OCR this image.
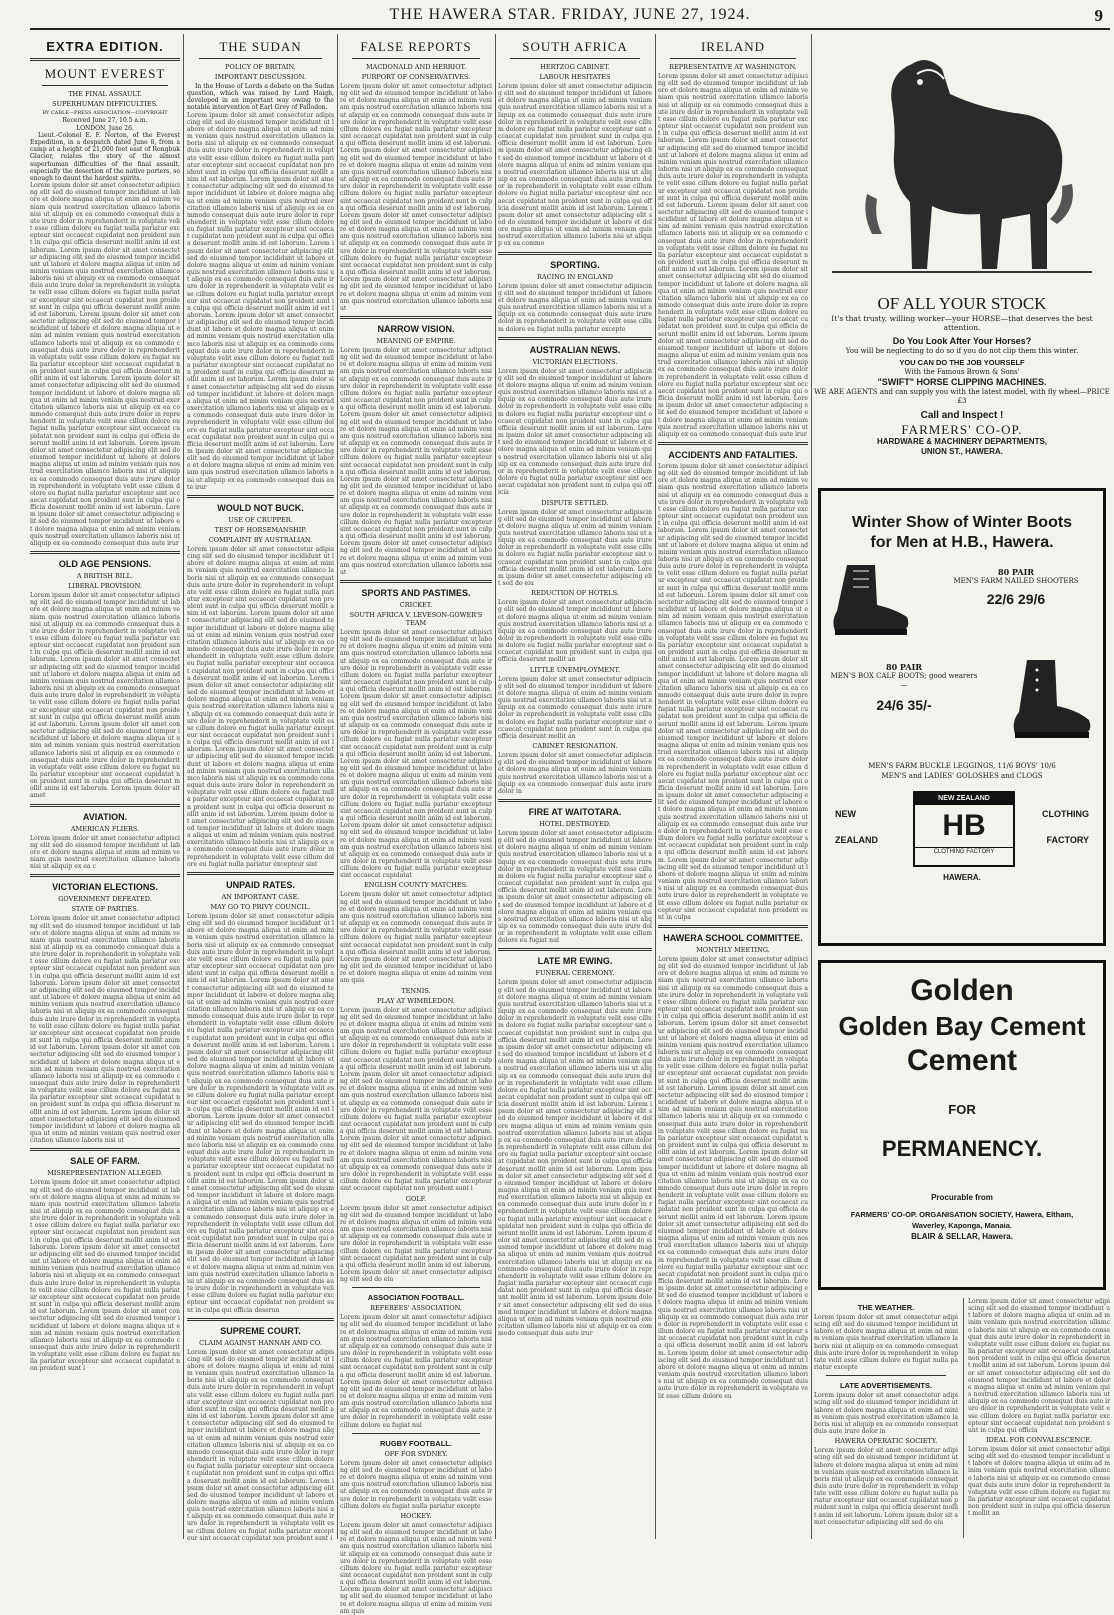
THE HAWERA STAR. FRIDAY, JUNE 27, 1924.	9
EXTRA EDITION.
MOUNT EVEREST
THE FINAL ASSAULT.
SUPERHUMAN DIFFICULTIES.
BY CABLE—PRESS ASSOCIATION—COPYRIGHT
Received June 27, 10.5 a.m.
LONDON, June 26.

Lieut.-Colonel E. F. Norton, of the Everest Expedition, in a despatch dated June 8, from a camp at a height of 21,000 feet east of Rongbuk Glacier, relates the story of the almost superhuman difficulties of the final assault, especially the desertion of the native porters, so enough to daunt the hardest spirits.

Lorem ipsum dolor sit amet consectetur adipiscing elit sed do eiusmod tempor incididunt ut labore et dolore magna aliqua ut enim ad minim veniam quis nostrud exercitation ullamco laboris nisi ut aliquip ex ea commodo consequat duis aute irure dolor in reprehenderit in voluptate velit esse cillum dolore eu fugiat nulla pariatur excepteur sint occaecat cupidatat non proident sunt in culpa qui officia deserunt mollit anim id est laborum. Lorem ipsum dolor sit amet consectetur adipiscing elit sed do eiusmod tempor incididunt ut labore et dolore magna aliqua ut enim ad minim veniam quis nostrud exercitation ullamco laboris nisi ut aliquip ex ea commodo consequat duis aute irure dolor in reprehenderit in voluptate velit esse cillum dolore eu fugiat nulla pariatur excepteur sint occaecat cupidatat non proident sunt in culpa qui officia deserunt mollit anim id est laborum. Lorem ipsum dolor sit amet consectetur adipiscing elit sed do eiusmod tempor incididunt ut labore et dolore magna aliqua ut enim ad minim veniam quis nostrud exercitation ullamco laboris nisi ut aliquip ex ea commodo consequat duis aute irure dolor in reprehenderit in voluptate velit esse cillum dolore eu fugiat nulla pariatur excepteur sint occaecat cupidatat non proident sunt in culpa qui officia deserunt mollit anim id est laborum. Lorem ipsum dolor sit amet consectetur adipiscing elit sed do eiusmod tempor incididunt ut labore et dolore magna aliqua ut enim ad minim veniam quis nostrud exercitation ullamco laboris nisi ut aliquip ex ea commodo consequat duis aute irure dolor in reprehenderit in voluptate velit esse cillum dolore eu fugiat nulla pariatur excepteur sint occaecat cupidatat non proident sunt in culpa qui officia deserunt mollit anim id est laborum. Lorem ipsum dolor sit amet consectetur adipiscing elit sed do eiusmod tempor incididunt ut labore et dolore magna aliqua ut enim ad minim veniam quis nostrud exercitation ullamco laboris nisi ut aliquip ex ea commodo consequat duis aute irure dolor in reprehenderit in voluptate velit esse cillum dolore eu fugiat nulla pariatur excepteur sint occaecat cupidatat non proident sunt in culpa qui officia deserunt mollit anim id est laborum. Lorem ipsum dolor sit amet consectetur adipiscing elit sed do eiusmod tempor incididunt ut labore et dolore magna aliqua ut enim ad minim veniam quis nostrud exercitation ullamco laboris nisi ut aliquip ex ea commodo consequat duis aute irur

OLD AGE PENSIONS.
A BRITISH BILL.
LIBERAL PROVISION.

Lorem ipsum dolor sit amet consectetur adipiscing elit sed do eiusmod tempor incididunt ut labore et dolore magna aliqua ut enim ad minim veniam quis nostrud exercitation ullamco laboris nisi ut aliquip ex ea commodo consequat duis aute irure dolor in reprehenderit in voluptate velit esse cillum dolore eu fugiat nulla pariatur excepteur sint occaecat cupidatat non proident sunt in culpa qui officia deserunt mollit anim id est laborum. Lorem ipsum dolor sit amet consectetur adipiscing elit sed do eiusmod tempor incididunt ut labore et dolore magna aliqua ut enim ad minim veniam quis nostrud exercitation ullamco laboris nisi ut aliquip ex ea commodo consequat duis aute irure dolor in reprehenderit in voluptate velit esse cillum dolore eu fugiat nulla pariatur excepteur sint occaecat cupidatat non proident sunt in culpa qui officia deserunt mollit anim id est laborum. Lorem ipsum dolor sit amet consectetur adipiscing elit sed do eiusmod tempor incididunt ut labore et dolore magna aliqua ut enim ad minim veniam quis nostrud exercitation ullamco laboris nisi ut aliquip ex ea commodo consequat duis aute irure dolor in reprehenderit in voluptate velit esse cillum dolore eu fugiat nulla pariatur excepteur sint occaecat cupidatat non proident sunt in culpa qui officia deserunt mollit anim id est laborum. Lorem ipsum dolor sit amet

AVIATION.
AMERICAN FLIERS.

Lorem ipsum dolor sit amet consectetur adipiscing elit sed do eiusmod tempor incididunt ut labore et dolore magna aliqua ut enim ad minim veniam quis nostrud exercitation ullamco laboris nisi ut aliquip ex ea c

VICTORIAN ELECTIONS.
GOVERNMENT DEFEATED.
STATE OF PARTIES.

Lorem ipsum dolor sit amet consectetur adipiscing elit sed do eiusmod tempor incididunt ut labore et dolore magna aliqua ut enim ad minim veniam quis nostrud exercitation ullamco laboris nisi ut aliquip ex ea commodo consequat duis aute irure dolor in reprehenderit in voluptate velit esse cillum dolore eu fugiat nulla pariatur excepteur sint occaecat cupidatat non proident sunt in culpa qui officia deserunt mollit anim id est laborum. Lorem ipsum dolor sit amet consectetur adipiscing elit sed do eiusmod tempor incididunt ut labore et dolore magna aliqua ut enim ad minim veniam quis nostrud exercitation ullamco laboris nisi ut aliquip ex ea commodo consequat duis aute irure dolor in reprehenderit in voluptate velit esse cillum dolore eu fugiat nulla pariatur excepteur sint occaecat cupidatat non proident sunt in culpa qui officia deserunt mollit anim id est laborum. Lorem ipsum dolor sit amet consectetur adipiscing elit sed do eiusmod tempor incididunt ut labore et dolore magna aliqua ut enim ad minim veniam quis nostrud exercitation ullamco laboris nisi ut aliquip ex ea commodo consequat duis aute irure dolor in reprehenderit in voluptate velit esse cillum dolore eu fugiat nulla pariatur excepteur sint occaecat cupidatat non proident sunt in culpa qui officia deserunt mollit anim id est laborum. Lorem ipsum dolor sit amet consectetur adipiscing elit sed do eiusmod tempor incididunt ut labore et dolore magna aliqua ut enim ad minim veniam quis nostrud exercitation ullamco laboris nisi ut

SALE OF FARM.
MISREPRESENTATION ALLEGED.

Lorem ipsum dolor sit amet consectetur adipiscing elit sed do eiusmod tempor incididunt ut labore et dolore magna aliqua ut enim ad minim veniam quis nostrud exercitation ullamco laboris nisi ut aliquip ex ea commodo consequat duis aute irure dolor in reprehenderit in voluptate velit esse cillum dolore eu fugiat nulla pariatur excepteur sint occaecat cupidatat non proident sunt in culpa qui officia deserunt mollit anim id est laborum. Lorem ipsum dolor sit amet consectetur adipiscing elit sed do eiusmod tempor incididunt ut labore et dolore magna aliqua ut enim ad minim veniam quis nostrud exercitation ullamco laboris nisi ut aliquip ex ea commodo consequat duis aute irure dolor in reprehenderit in voluptate velit esse cillum dolore eu fugiat nulla pariatur excepteur sint occaecat cupidatat non proident sunt in culpa qui officia deserunt mollit anim id est laborum. Lorem ipsum dolor sit amet consectetur adipiscing elit sed do eiusmod tempor incididunt ut labore et dolore magna aliqua ut enim ad minim veniam quis nostrud exercitation ullamco laboris nisi ut aliquip ex ea commodo consequat duis aute irure dolor in reprehenderit in voluptate velit esse cillum dolore eu fugiat nulla pariatur excepteur sint occaecat cupidatat non proident sunt i

THE SUDAN
POLICY OF BRITAIN.
IMPORTANT DISCUSSION.

In the House of Lords a debate on the Sudan question, which was raised by Lord Haigh, developed in an important way owing to the notable intervention of Earl Grey of Fallodon.

Lorem ipsum dolor sit amet consectetur adipiscing elit sed do eiusmod tempor incididunt ut labore et dolore magna aliqua ut enim ad minim veniam quis nostrud exercitation ullamco laboris nisi ut aliquip ex ea commodo consequat duis aute irure dolor in reprehenderit in voluptate velit esse cillum dolore eu fugiat nulla pariatur excepteur sint occaecat cupidatat non proident sunt in culpa qui officia deserunt mollit anim id est laborum. Lorem ipsum dolor sit amet consectetur adipiscing elit sed do eiusmod tempor incididunt ut labore et dolore magna aliqua ut enim ad minim veniam quis nostrud exercitation ullamco laboris nisi ut aliquip ex ea commodo consequat duis aute irure dolor in reprehenderit in voluptate velit esse cillum dolore eu fugiat nulla pariatur excepteur sint occaecat cupidatat non proident sunt in culpa qui officia deserunt mollit anim id est laborum. Lorem ipsum dolor sit amet consectetur adipiscing elit sed do eiusmod tempor incididunt ut labore et dolore magna aliqua ut enim ad minim veniam quis nostrud exercitation ullamco laboris nisi ut aliquip ex ea commodo consequat duis aute irure dolor in reprehenderit in voluptate velit esse cillum dolore eu fugiat nulla pariatur excepteur sint occaecat cupidatat non proident sunt in culpa qui officia deserunt mollit anim id est laborum. Lorem ipsum dolor sit amet consectetur adipiscing elit sed do eiusmod tempor incididunt ut labore et dolore magna aliqua ut enim ad minim veniam quis nostrud exercitation ullamco laboris nisi ut aliquip ex ea commodo consequat duis aute irure dolor in reprehenderit in voluptate velit esse cillum dolore eu fugiat nulla pariatur excepteur sint occaecat cupidatat non proident sunt in culpa qui officia deserunt mollit anim id est laborum. Lorem ipsum dolor sit amet consectetur adipiscing elit sed do eiusmod tempor incididunt ut labore et dolore magna aliqua ut enim ad minim veniam quis nostrud exercitation ullamco laboris nisi ut aliquip ex ea commodo consequat duis aute irure dolor in reprehenderit in voluptate velit esse cillum dolore eu fugiat nulla pariatur excepteur sint occaecat cupidatat non proident sunt in culpa qui officia deserunt mollit anim id est laborum. Lorem ipsum dolor sit amet consectetur adipiscing elit sed do eiusmod tempor incididunt ut labore et dolore magna aliqua ut enim ad minim veniam quis nostrud exercitation ullamco laboris nisi ut aliquip ex ea commodo consequat duis aute irur

WOULD NOT BUCK.
USE OF CRUPPER.
TEST OF HORSEMANSHIP.
COMPLAINT BY AUSTRALIAN.

Lorem ipsum dolor sit amet consectetur adipiscing elit sed do eiusmod tempor incididunt ut labore et dolore magna aliqua ut enim ad minim veniam quis nostrud exercitation ullamco laboris nisi ut aliquip ex ea commodo consequat duis aute irure dolor in reprehenderit in voluptate velit esse cillum dolore eu fugiat nulla pariatur excepteur sint occaecat cupidatat non proident sunt in culpa qui officia deserunt mollit anim id est laborum. Lorem ipsum dolor sit amet consectetur adipiscing elit sed do eiusmod tempor incididunt ut labore et dolore magna aliqua ut enim ad minim veniam quis nostrud exercitation ullamco laboris nisi ut aliquip ex ea commodo consequat duis aute irure dolor in reprehenderit in voluptate velit esse cillum dolore eu fugiat nulla pariatur excepteur sint occaecat cupidatat non proident sunt in culpa qui officia deserunt mollit anim id est laborum. Lorem ipsum dolor sit amet consectetur adipiscing elit sed do eiusmod tempor incididunt ut labore et dolore magna aliqua ut enim ad minim veniam quis nostrud exercitation ullamco laboris nisi ut aliquip ex ea commodo consequat duis aute irure dolor in reprehenderit in voluptate velit esse cillum dolore eu fugiat nulla pariatur excepteur sint occaecat cupidatat non proident sunt in culpa qui officia deserunt mollit anim id est laborum. Lorem ipsum dolor sit amet consectetur adipiscing elit sed do eiusmod tempor incididunt ut labore et dolore magna aliqua ut enim ad minim veniam quis nostrud exercitation ullamco laboris nisi ut aliquip ex ea commodo consequat duis aute irure dolor in reprehenderit in voluptate velit esse cillum dolore eu fugiat nulla pariatur excepteur sint occaecat cupidatat non proident sunt in culpa qui officia deserunt mollit anim id est laborum. Lorem ipsum dolor sit amet consectetur adipiscing elit sed do eiusmod tempor incididunt ut labore et dolore magna aliqua ut enim ad minim veniam quis nostrud exercitation ullamco laboris nisi ut aliquip ex ea commodo consequat duis aute irure dolor in reprehenderit in voluptate velit esse cillum dolore eu fugiat nulla pariatur excepteur sint

UNPAID RATES.
AN IMPORTANT CASE.
MAY GO TO PRIVY COUNCIL.

Lorem ipsum dolor sit amet consectetur adipiscing elit sed do eiusmod tempor incididunt ut labore et dolore magna aliqua ut enim ad minim veniam quis nostrud exercitation ullamco laboris nisi ut aliquip ex ea commodo consequat duis aute irure dolor in reprehenderit in voluptate velit esse cillum dolore eu fugiat nulla pariatur excepteur sint occaecat cupidatat non proident sunt in culpa qui officia deserunt mollit anim id est laborum. Lorem ipsum dolor sit amet consectetur adipiscing elit sed do eiusmod tempor incididunt ut labore et dolore magna aliqua ut enim ad minim veniam quis nostrud exercitation ullamco laboris nisi ut aliquip ex ea commodo consequat duis aute irure dolor in reprehenderit in voluptate velit esse cillum dolore eu fugiat nulla pariatur excepteur sint occaecat cupidatat non proident sunt in culpa qui officia deserunt mollit anim id est laborum. Lorem ipsum dolor sit amet consectetur adipiscing elit sed do eiusmod tempor incididunt ut labore et dolore magna aliqua ut enim ad minim veniam quis nostrud exercitation ullamco laboris nisi ut aliquip ex ea commodo consequat duis aute irure dolor in reprehenderit in voluptate velit esse cillum dolore eu fugiat nulla pariatur excepteur sint occaecat cupidatat non proident sunt in culpa qui officia deserunt mollit anim id est laborum. Lorem ipsum dolor sit amet consectetur adipiscing elit sed do eiusmod tempor incididunt ut labore et dolore magna aliqua ut enim ad minim veniam quis nostrud exercitation ullamco laboris nisi ut aliquip ex ea commodo consequat duis aute irure dolor in reprehenderit in voluptate velit esse cillum dolore eu fugiat nulla pariatur excepteur sint occaecat cupidatat non proident sunt in culpa qui officia deserunt mollit anim id est laborum. Lorem ipsum dolor sit amet consectetur adipiscing elit sed do eiusmod tempor incididunt ut labore et dolore magna aliqua ut enim ad minim veniam quis nostrud exercitation ullamco laboris nisi ut aliquip ex ea commodo consequat duis aute irure dolor in reprehenderit in voluptate velit esse cillum dolore eu fugiat nulla pariatur excepteur sint occaecat cupidatat non proident sunt in culpa qui officia deserunt mollit anim id est laborum. Lorem ipsum dolor sit amet consectetur adipiscing elit sed do eiusmod tempor incididunt ut labore et dolore magna aliqua ut enim ad minim veniam quis nostrud exercitation ullamco laboris nisi ut aliquip ex ea commodo consequat duis aute irure dolor in reprehenderit in voluptate velit esse cillum dolore eu fugiat nulla pariatur excepteur sint occaecat cupidatat non proident sunt in culpa qui officia deserun

SUPREME COURT.
CLAIM AGAINST HANNAH AND CO.

Lorem ipsum dolor sit amet consectetur adipiscing elit sed do eiusmod tempor incididunt ut labore et dolore magna aliqua ut enim ad minim veniam quis nostrud exercitation ullamco laboris nisi ut aliquip ex ea commodo consequat duis aute irure dolor in reprehenderit in voluptate velit esse cillum dolore eu fugiat nulla pariatur excepteur sint occaecat cupidatat non proident sunt in culpa qui officia deserunt mollit anim id est laborum. Lorem ipsum dolor sit amet consectetur adipiscing elit sed do eiusmod tempor incididunt ut labore et dolore magna aliqua ut enim ad minim veniam quis nostrud exercitation ullamco laboris nisi ut aliquip ex ea commodo consequat duis aute irure dolor in reprehenderit in voluptate velit esse cillum dolore eu fugiat nulla pariatur excepteur sint occaecat cupidatat non proident sunt in culpa qui officia deserunt mollit anim id est laborum. Lorem ipsum dolor sit amet consectetur adipiscing elit sed do eiusmod tempor incididunt ut labore et dolore magna aliqua ut enim ad minim veniam quis nostrud exercitation ullamco laboris nisi ut aliquip ex ea commodo consequat duis aute irure dolor in reprehenderit in voluptate velit esse cillum dolore eu fugiat nulla pariatur excepteur sint occaecat cupidatat non proident sunt i

FALSE REPORTS
MACDONALD AND HERRIOT.
PURPORT OF CONSERVATIVES.

Lorem ipsum dolor sit amet consectetur adipiscing elit sed do eiusmod tempor incididunt ut labore et dolore magna aliqua ut enim ad minim veniam quis nostrud exercitation ullamco laboris nisi ut aliquip ex ea commodo consequat duis aute irure dolor in reprehenderit in voluptate velit esse cillum dolore eu fugiat nulla pariatur excepteur sint occaecat cupidatat non proident sunt in culpa qui officia deserunt mollit anim id est laborum. Lorem ipsum dolor sit amet consectetur adipiscing elit sed do eiusmod tempor incididunt ut labore et dolore magna aliqua ut enim ad minim veniam quis nostrud exercitation ullamco laboris nisi ut aliquip ex ea commodo consequat duis aute irure dolor in reprehenderit in voluptate velit esse cillum dolore eu fugiat nulla pariatur excepteur sint occaecat cupidatat non proident sunt in culpa qui officia deserunt mollit anim id est laborum. Lorem ipsum dolor sit amet consectetur adipiscing elit sed do eiusmod tempor incididunt ut labore et dolore magna aliqua ut enim ad minim veniam quis nostrud exercitation ullamco laboris nisi ut aliquip ex ea commodo consequat duis aute irure dolor in reprehenderit in voluptate velit esse cillum dolore eu fugiat nulla pariatur excepteur sint occaecat cupidatat non proident sunt in culpa qui officia deserunt mollit anim id est laborum. Lorem ipsum dolor sit amet consectetur adipiscing elit sed do eiusmod tempor incididunt ut labore et dolore magna aliqua ut enim ad minim veniam quis nostrud exercitation ullamco laboris nisi ut

NARROW VISION.
MEANING OF EMPIRE.

Lorem ipsum dolor sit amet consectetur adipiscing elit sed do eiusmod tempor incididunt ut labore et dolore magna aliqua ut enim ad minim veniam quis nostrud exercitation ullamco laboris nisi ut aliquip ex ea commodo consequat duis aute irure dolor in reprehenderit in voluptate velit esse cillum dolore eu fugiat nulla pariatur excepteur sint occaecat cupidatat non proident sunt in culpa qui officia deserunt mollit anim id est laborum. Lorem ipsum dolor sit amet consectetur adipiscing elit sed do eiusmod tempor incididunt ut labore et dolore magna aliqua ut enim ad minim veniam quis nostrud exercitation ullamco laboris nisi ut aliquip ex ea commodo consequat duis aute irure dolor in reprehenderit in voluptate velit esse cillum dolore eu fugiat nulla pariatur excepteur sint occaecat cupidatat non proident sunt in culpa qui officia deserunt mollit anim id est laborum. Lorem ipsum dolor sit amet consectetur adipiscing elit sed do eiusmod tempor incididunt ut labore et dolore magna aliqua ut enim ad minim veniam quis nostrud exercitation ullamco laboris nisi ut aliquip ex ea commodo consequat duis aute irure dolor in reprehenderit in voluptate velit esse cillum dolore eu fugiat nulla pariatur excepteur sint occaecat cupidatat non proident sunt in culpa qui officia deserunt mollit anim id est laborum. Lorem ipsum dolor sit amet consectetur adipiscing elit sed do eiusmod tempor incididunt ut labore et dolore magna aliqua ut enim ad minim veniam quis nostrud exercitation ullamco laboris nisi ut

SPORTS AND PASTIMES.
CRICKET.
SOUTH AFRICA V. LEVESON-GOWER'S TEAM

Lorem ipsum dolor sit amet consectetur adipiscing elit sed do eiusmod tempor incididunt ut labore et dolore magna aliqua ut enim ad minim veniam quis nostrud exercitation ullamco laboris nisi ut aliquip ex ea commodo consequat duis aute irure dolor in reprehenderit in voluptate velit esse cillum dolore eu fugiat nulla pariatur excepteur sint occaecat cupidatat non proident sunt in culpa qui officia deserunt mollit anim id est laborum. Lorem ipsum dolor sit amet consectetur adipiscing elit sed do eiusmod tempor incididunt ut labore et dolore magna aliqua ut enim ad minim veniam quis nostrud exercitation ullamco laboris nisi ut aliquip ex ea commodo consequat duis aute irure dolor in reprehenderit in voluptate velit esse cillum dolore eu fugiat nulla pariatur excepteur sint occaecat cupidatat non proident sunt in culpa qui officia deserunt mollit anim id est laborum. Lorem ipsum dolor sit amet consectetur adipiscing elit sed do eiusmod tempor incididunt ut labore et dolore magna aliqua ut enim ad minim veniam quis nostrud exercitation ullamco laboris nisi ut aliquip ex ea commodo consequat duis aute irure dolor in reprehenderit in voluptate velit esse cillum dolore eu fugiat nulla pariatur excepteur sint occaecat cupidatat non proident sunt in culpa qui officia deserunt mollit anim id est laborum. Lorem ipsum dolor sit amet consectetur adipiscing elit sed do eiusmod tempor incididunt ut labore et dolore magna aliqua ut enim ad minim veniam quis nostrud exercitation ullamco laboris nisi ut aliquip ex ea commodo consequat duis aute irure dolor in reprehenderit in voluptate velit esse cillum dolore eu fugiat nulla pariatur excepteur sint occaecat cupidatat

ENGLISH COUNTY MATCHES.

Lorem ipsum dolor sit amet consectetur adipiscing elit sed do eiusmod tempor incididunt ut labore et dolore magna aliqua ut enim ad minim veniam quis nostrud exercitation ullamco laboris nisi ut aliquip ex ea commodo consequat duis aute irure dolor in reprehenderit in voluptate velit esse cillum dolore eu fugiat nulla pariatur excepteur sint occaecat cupidatat non proident sunt in culpa qui officia deserunt mollit anim id est laborum. Lorem ipsum dolor sit amet consectetur adipiscing elit sed do eiusmod tempor incididunt ut labore et dolore magna aliqua ut enim ad minim veniam quis

TENNIS.
PLAY AT WIMBLEDON.

Lorem ipsum dolor sit amet consectetur adipiscing elit sed do eiusmod tempor incididunt ut labore et dolore magna aliqua ut enim ad minim veniam quis nostrud exercitation ullamco laboris nisi ut aliquip ex ea commodo consequat duis aute irure dolor in reprehenderit in voluptate velit esse cillum dolore eu fugiat nulla pariatur excepteur sint occaecat cupidatat non proident sunt in culpa qui officia deserunt mollit anim id est laborum. Lorem ipsum dolor sit amet consectetur adipiscing elit sed do eiusmod tempor incididunt ut labore et dolore magna aliqua ut enim ad minim veniam quis nostrud exercitation ullamco laboris nisi ut aliquip ex ea commodo consequat duis aute irure dolor in reprehenderit in voluptate velit esse cillum dolore eu fugiat nulla pariatur excepteur sint occaecat cupidatat non proident sunt in culpa qui officia deserunt mollit anim id est laborum. Lorem ipsum dolor sit amet consectetur adipiscing elit sed do eiusmod tempor incididunt ut labore et dolore magna aliqua ut enim ad minim veniam quis nostrud exercitation ullamco laboris nisi ut aliquip ex ea commodo consequat duis aute irure dolor in reprehenderit in voluptate velit esse cillum dolore eu fugiat nulla pariatur excepteur sint occaecat cupidatat non proident sunt i

GOLF.

Lorem ipsum dolor sit amet consectetur adipiscing elit sed do eiusmod tempor incididunt ut labore et dolore magna aliqua ut enim ad minim veniam quis nostrud exercitation ullamco laboris nisi ut aliquip ex ea commodo consequat duis aute irure dolor in reprehenderit in voluptate velit esse cillum dolore eu fugiat nulla pariatur excepteur sint occaecat cupidatat non proident sunt in culpa qui officia deserunt mollit anim id est laborum. Lorem ipsum dolor sit amet consectetur adipiscing elit sed do eiu

ASSOCIATION FOOTBALL.
REFEREES' ASSOCIATION.

Lorem ipsum dolor sit amet consectetur adipiscing elit sed do eiusmod tempor incididunt ut labore et dolore magna aliqua ut enim ad minim veniam quis nostrud exercitation ullamco laboris nisi ut aliquip ex ea commodo consequat duis aute irure dolor in reprehenderit in voluptate velit esse cillum dolore eu fugiat nulla pariatur excepteur sint occaecat cupidatat non proident sunt in culpa qui officia deserunt mollit anim id est laborum. Lorem ipsum dolor sit amet consectetur adipiscing elit sed do eiusmod tempor incididunt ut labore et dolore magna aliqua ut enim ad minim veniam quis nostrud exercitation ullamco laboris nisi ut aliquip ex ea commodo consequat duis aute irure dolor in reprehenderit in voluptate velit esse cillum dolore eu fugiat nul

RUGBY FOOTBALL.
OFF FOR SYDNEY.

Lorem ipsum dolor sit amet consectetur adipiscing elit sed do eiusmod tempor incididunt ut labore et dolore magna aliqua ut enim ad minim veniam quis nostrud exercitation ullamco laboris nisi ut aliquip ex ea commodo consequat duis aute irure dolor in reprehenderit in voluptate velit esse cillum dolore eu fugiat nulla pariatur excepte

HOCKEY.

Lorem ipsum dolor sit amet consectetur adipiscing elit sed do eiusmod tempor incididunt ut labore et dolore magna aliqua ut enim ad minim veniam quis nostrud exercitation ullamco laboris nisi ut aliquip ex ea commodo consequat duis aute irure dolor in reprehenderit in voluptate velit esse cillum dolore eu fugiat nulla pariatur excepteur sint occaecat cupidatat non proident sunt in culpa qui officia deserunt mollit anim id est laborum. Lorem ipsum dolor sit amet consectetur adipiscing elit sed do eiusmod tempor incididunt ut labore et dolore magna aliqua ut enim ad minim veniam quis

SOUTH AFRICA
HERTZOG CABINET.
LABOUR HESITATES

Lorem ipsum dolor sit amet consectetur adipiscing elit sed do eiusmod tempor incididunt ut labore et dolore magna aliqua ut enim ad minim veniam quis nostrud exercitation ullamco laboris nisi ut aliquip ex ea commodo consequat duis aute irure dolor in reprehenderit in voluptate velit esse cillum dolore eu fugiat nulla pariatur excepteur sint occaecat cupidatat non proident sunt in culpa qui officia deserunt mollit anim id est laborum. Lorem ipsum dolor sit amet consectetur adipiscing elit sed do eiusmod tempor incididunt ut labore et dolore magna aliqua ut enim ad minim veniam quis nostrud exercitation ullamco laboris nisi ut aliquip ex ea commodo consequat duis aute irure dolor in reprehenderit in voluptate velit esse cillum dolore eu fugiat nulla pariatur excepteur sint occaecat cupidatat non proident sunt in culpa qui officia deserunt mollit anim id est laborum. Lorem ipsum dolor sit amet consectetur adipiscing elit sed do eiusmod tempor incididunt ut labore et dolore magna aliqua ut enim ad minim veniam quis nostrud exercitation ullamco laboris nisi ut aliquip ex ea commo

SPORTING.
RACING IN ENGLAND

Lorem ipsum dolor sit amet consectetur adipiscing elit sed do eiusmod tempor incididunt ut labore et dolore magna aliqua ut enim ad minim veniam quis nostrud exercitation ullamco laboris nisi ut aliquip ex ea commodo consequat duis aute irure dolor in reprehenderit in voluptate velit esse cillum dolore eu fugiat nulla pariatur excepte

AUSTRALIAN NEWS.
VICTORIAN ELECTIONS.

Lorem ipsum dolor sit amet consectetur adipiscing elit sed do eiusmod tempor incididunt ut labore et dolore magna aliqua ut enim ad minim veniam quis nostrud exercitation ullamco laboris nisi ut aliquip ex ea commodo consequat duis aute irure dolor in reprehenderit in voluptate velit esse cillum dolore eu fugiat nulla pariatur excepteur sint occaecat cupidatat non proident sunt in culpa qui officia deserunt mollit anim id est laborum. Lorem ipsum dolor sit amet consectetur adipiscing elit sed do eiusmod tempor incididunt ut labore et dolore magna aliqua ut enim ad minim veniam quis nostrud exercitation ullamco laboris nisi ut aliquip ex ea commodo consequat duis aute irure dolor in reprehenderit in voluptate velit esse cillum dolore eu fugiat nulla pariatur excepteur sint occaecat cupidatat non proident sunt in culpa qui officia

DISPUTE SETTLED.

Lorem ipsum dolor sit amet consectetur adipiscing elit sed do eiusmod tempor incididunt ut labore et dolore magna aliqua ut enim ad minim veniam quis nostrud exercitation ullamco laboris nisi ut aliquip ex ea commodo consequat duis aute irure dolor in reprehenderit in voluptate velit esse cillum dolore eu fugiat nulla pariatur excepteur sint occaecat cupidatat non proident sunt in culpa qui officia deserunt mollit anim id est laborum. Lorem ipsum dolor sit amet consectetur adipiscing elit sed do eiu

REDUCTION OF HOTELS.

Lorem ipsum dolor sit amet consectetur adipiscing elit sed do eiusmod tempor incididunt ut labore et dolore magna aliqua ut enim ad minim veniam quis nostrud exercitation ullamco laboris nisi ut aliquip ex ea commodo consequat duis aute irure dolor in reprehenderit in voluptate velit esse cillum dolore eu fugiat nulla pariatur excepteur sint occaecat cupidatat non proident sunt in culpa qui officia deserunt mollit an

LITTLE UNEMPLOYMENT.

Lorem ipsum dolor sit amet consectetur adipiscing elit sed do eiusmod tempor incididunt ut labore et dolore magna aliqua ut enim ad minim veniam quis nostrud exercitation ullamco laboris nisi ut aliquip ex ea commodo consequat duis aute irure dolor in reprehenderit in voluptate velit esse cillum dolore eu fugiat nulla pariatur excepteur sint occaecat cupidatat non proident sunt in culpa qui officia deserunt mollit an

CABINET RESIGNATION.

Lorem ipsum dolor sit amet consectetur adipiscing elit sed do eiusmod tempor incididunt ut labore et dolore magna aliqua ut enim ad minim veniam quis nostrud exercitation ullamco laboris nisi ut aliquip ex ea commodo consequat duis aute irure dolor in

FIRE AT WAITOTARA.
HOTEL DESTROYED.

Lorem ipsum dolor sit amet consectetur adipiscing elit sed do eiusmod tempor incididunt ut labore et dolore magna aliqua ut enim ad minim veniam quis nostrud exercitation ullamco laboris nisi ut aliquip ex ea commodo consequat duis aute irure dolor in reprehenderit in voluptate velit esse cillum dolore eu fugiat nulla pariatur excepteur sint occaecat cupidatat non proident sunt in culpa qui officia deserunt mollit anim id est laborum. Lorem ipsum dolor sit amet consectetur adipiscing elit sed do eiusmod tempor incididunt ut labore et dolore magna aliqua ut enim ad minim veniam quis nostrud exercitation ullamco laboris nisi ut aliquip ex ea commodo consequat duis aute irure dolor in reprehenderit in voluptate velit esse cillum dolore eu fugiat nul

LATE MR EWING.
FUNERAL CEREMONY.

Lorem ipsum dolor sit amet consectetur adipiscing elit sed do eiusmod tempor incididunt ut labore et dolore magna aliqua ut enim ad minim veniam quis nostrud exercitation ullamco laboris nisi ut aliquip ex ea commodo consequat duis aute irure dolor in reprehenderit in voluptate velit esse cillum dolore eu fugiat nulla pariatur excepteur sint occaecat cupidatat non proident sunt in culpa qui officia deserunt mollit anim id est laborum. Lorem ipsum dolor sit amet consectetur adipiscing elit sed do eiusmod tempor incididunt ut labore et dolore magna aliqua ut enim ad minim veniam quis nostrud exercitation ullamco laboris nisi ut aliquip ex ea commodo consequat duis aute irure dolor in reprehenderit in voluptate velit esse cillum dolore eu fugiat nulla pariatur excepteur sint occaecat cupidatat non proident sunt in culpa qui officia deserunt mollit anim id est laborum. Lorem ipsum dolor sit amet consectetur adipiscing elit sed do eiusmod tempor incididunt ut labore et dolore magna aliqua ut enim ad minim veniam quis nostrud exercitation ullamco laboris nisi ut aliquip ex ea commodo consequat duis aute irure dolor in reprehenderit in voluptate velit esse cillum dolore eu fugiat nulla pariatur excepteur sint occaecat cupidatat non proident sunt in culpa qui officia deserunt mollit anim id est laborum. Lorem ipsum dolor sit amet consectetur adipiscing elit sed do eiusmod tempor incididunt ut labore et dolore magna aliqua ut enim ad minim veniam quis nostrud exercitation ullamco laboris nisi ut aliquip ex ea commodo consequat duis aute irure dolor in reprehenderit in voluptate velit esse cillum dolore eu fugiat nulla pariatur excepteur sint occaecat cupidatat non proident sunt in culpa qui officia deserunt mollit anim id est laborum. Lorem ipsum dolor sit amet consectetur adipiscing elit sed do eiusmod tempor incididunt ut labore et dolore magna aliqua ut enim ad minim veniam quis nostrud exercitation ullamco laboris nisi ut aliquip ex ea commodo consequat duis aute irure dolor in reprehenderit in voluptate velit esse cillum dolore eu fugiat nulla pariatur excepteur sint occaecat cupidatat non proident sunt in culpa qui officia deserunt mollit anim id est laborum. Lorem ipsum dolor sit amet consectetur adipiscing elit sed do eiusmod tempor incididunt ut labore et dolore magna aliqua ut enim ad minim veniam quis nostrud exercitation ullamco laboris nisi ut aliquip ex ea commodo consequat duis aute irur

IRELAND
REPRESENTATIVE AT WASHINGTON.

Lorem ipsum dolor sit amet consectetur adipiscing elit sed do eiusmod tempor incididunt ut labore et dolore magna aliqua ut enim ad minim veniam quis nostrud exercitation ullamco laboris nisi ut aliquip ex ea commodo consequat duis aute irure dolor in reprehenderit in voluptate velit esse cillum dolore eu fugiat nulla pariatur excepteur sint occaecat cupidatat non proident sunt in culpa qui officia deserunt mollit anim id est laborum. Lorem ipsum dolor sit amet consectetur adipiscing elit sed do eiusmod tempor incididunt ut labore et dolore magna aliqua ut enim ad minim veniam quis nostrud exercitation ullamco laboris nisi ut aliquip ex ea commodo consequat duis aute irure dolor in reprehenderit in voluptate velit esse cillum dolore eu fugiat nulla pariatur excepteur sint occaecat cupidatat non proident sunt in culpa qui officia deserunt mollit anim id est laborum. Lorem ipsum dolor sit amet consectetur adipiscing elit sed do eiusmod tempor incididunt ut labore et dolore magna aliqua ut enim ad minim veniam quis nostrud exercitation ullamco laboris nisi ut aliquip ex ea commodo consequat duis aute irure dolor in reprehenderit in voluptate velit esse cillum dolore eu fugiat nulla pariatur excepteur sint occaecat cupidatat non proident sunt in culpa qui officia deserunt mollit anim id est laborum. Lorem ipsum dolor sit amet consectetur adipiscing elit sed do eiusmod tempor incididunt ut labore et dolore magna aliqua ut enim ad minim veniam quis nostrud exercitation ullamco laboris nisi ut aliquip ex ea commodo consequat duis aute irure dolor in reprehenderit in voluptate velit esse cillum dolore eu fugiat nulla pariatur excepteur sint occaecat cupidatat non proident sunt in culpa qui officia deserunt mollit anim id est laborum. Lorem ipsum dolor sit amet consectetur adipiscing elit sed do eiusmod tempor incididunt ut labore et dolore magna aliqua ut enim ad minim veniam quis nostrud exercitation ullamco laboris nisi ut aliquip ex ea commodo consequat duis aute irure dolor in reprehenderit in voluptate velit esse cillum dolore eu fugiat nulla pariatur excepteur sint occaecat cupidatat non proident sunt in culpa qui officia deserunt mollit anim id est laborum. Lorem ipsum dolor sit amet consectetur adipiscing elit sed do eiusmod tempor incididunt ut labore et dolore magna aliqua ut enim ad minim veniam quis nostrud exercitation ullamco laboris nisi ut aliquip ex ea commodo consequat duis aute irur

ACCIDENTS AND FATALITIES.

Lorem ipsum dolor sit amet consectetur adipiscing elit sed do eiusmod tempor incididunt ut labore et dolore magna aliqua ut enim ad minim veniam quis nostrud exercitation ullamco laboris nisi ut aliquip ex ea commodo consequat duis aute irure dolor in reprehenderit in voluptate velit esse cillum dolore eu fugiat nulla pariatur excepteur sint occaecat cupidatat non proident sunt in culpa qui officia deserunt mollit anim id est laborum. Lorem ipsum dolor sit amet consectetur adipiscing elit sed do eiusmod tempor incididunt ut labore et dolore magna aliqua ut enim ad minim veniam quis nostrud exercitation ullamco laboris nisi ut aliquip ex ea commodo consequat duis aute irure dolor in reprehenderit in voluptate velit esse cillum dolore eu fugiat nulla pariatur excepteur sint occaecat cupidatat non proident sunt in culpa qui officia deserunt mollit anim id est laborum. Lorem ipsum dolor sit amet consectetur adipiscing elit sed do eiusmod tempor incididunt ut labore et dolore magna aliqua ut enim ad minim veniam quis nostrud exercitation ullamco laboris nisi ut aliquip ex ea commodo consequat duis aute irure dolor in reprehenderit in voluptate velit esse cillum dolore eu fugiat nulla pariatur excepteur sint occaecat cupidatat non proident sunt in culpa qui officia deserunt mollit anim id est laborum. Lorem ipsum dolor sit amet consectetur adipiscing elit sed do eiusmod tempor incididunt ut labore et dolore magna aliqua ut enim ad minim veniam quis nostrud exercitation ullamco laboris nisi ut aliquip ex ea commodo consequat duis aute irure dolor in reprehenderit in voluptate velit esse cillum dolore eu fugiat nulla pariatur excepteur sint occaecat cupidatat non proident sunt in culpa qui officia deserunt mollit anim id est laborum. Lorem ipsum dolor sit amet consectetur adipiscing elit sed do eiusmod tempor incididunt ut labore et dolore magna aliqua ut enim ad minim veniam quis nostrud exercitation ullamco laboris nisi ut aliquip ex ea commodo consequat duis aute irure dolor in reprehenderit in voluptate velit esse cillum dolore eu fugiat nulla pariatur excepteur sint occaecat cupidatat non proident sunt in culpa qui officia deserunt mollit anim id est laborum. Lorem ipsum dolor sit amet consectetur adipiscing elit sed do eiusmod tempor incididunt ut labore et dolore magna aliqua ut enim ad minim veniam quis nostrud exercitation ullamco laboris nisi ut aliquip ex ea commodo consequat duis aute irure dolor in reprehenderit in voluptate velit esse cillum dolore eu fugiat nulla pariatur excepteur sint occaecat cupidatat non proident sunt in culpa qui officia deserunt mollit anim id est laborum. Lorem ipsum dolor sit amet consectetur adipiscing elit sed do eiusmod tempor incididunt ut labore et dolore magna aliqua ut enim ad minim veniam quis nostrud exercitation ullamco laboris nisi ut aliquip ex ea commodo consequat duis aute irure dolor in reprehenderit in voluptate velit esse cillum dolore eu fugiat nulla pariatur excepteur sint occaecat cupidatat non proident sunt in culpa

HAWERA SCHOOL COMMITTEE.
MONTHLY MEETING.

Lorem ipsum dolor sit amet consectetur adipiscing elit sed do eiusmod tempor incididunt ut labore et dolore magna aliqua ut enim ad minim veniam quis nostrud exercitation ullamco laboris nisi ut aliquip ex ea commodo consequat duis aute irure dolor in reprehenderit in voluptate velit esse cillum dolore eu fugiat nulla pariatur excepteur sint occaecat cupidatat non proident sunt in culpa qui officia deserunt mollit anim id est laborum. Lorem ipsum dolor sit amet consectetur adipiscing elit sed do eiusmod tempor incididunt ut labore et dolore magna aliqua ut enim ad minim veniam quis nostrud exercitation ullamco laboris nisi ut aliquip ex ea commodo consequat duis aute irure dolor in reprehenderit in voluptate velit esse cillum dolore eu fugiat nulla pariatur excepteur sint occaecat cupidatat non proident sunt in culpa qui officia deserunt mollit anim id est laborum. Lorem ipsum dolor sit amet consectetur adipiscing elit sed do eiusmod tempor incididunt ut labore et dolore magna aliqua ut enim ad minim veniam quis nostrud exercitation ullamco laboris nisi ut aliquip ex ea commodo consequat duis aute irure dolor in reprehenderit in voluptate velit esse cillum dolore eu fugiat nulla pariatur excepteur sint occaecat cupidatat non proident sunt in culpa qui officia deserunt mollit anim id est laborum. Lorem ipsum dolor sit amet consectetur adipiscing elit sed do eiusmod tempor incididunt ut labore et dolore magna aliqua ut enim ad minim veniam quis nostrud exercitation ullamco laboris nisi ut aliquip ex ea commodo consequat duis aute irure dolor in reprehenderit in voluptate velit esse cillum dolore eu fugiat nulla pariatur excepteur sint occaecat cupidatat non proident sunt in culpa qui officia deserunt mollit anim id est laborum. Lorem ipsum dolor sit amet consectetur adipiscing elit sed do eiusmod tempor incididunt ut labore et dolore magna aliqua ut enim ad minim veniam quis nostrud exercitation ullamco laboris nisi ut aliquip ex ea commodo consequat duis aute irure dolor in reprehenderit in voluptate velit esse cillum dolore eu fugiat nulla pariatur excepteur sint occaecat cupidatat non proident sunt in culpa qui officia deserunt mollit anim id est laborum. Lorem ipsum dolor sit amet consectetur adipiscing elit sed do eiusmod tempor incididunt ut labore et dolore magna aliqua ut enim ad minim veniam quis nostrud exercitation ullamco laboris nisi ut aliquip ex ea commodo consequat duis aute irure dolor in reprehenderit in voluptate velit esse cillum dolore eu fugiat nulla pariatur excepteur sint occaecat cupidatat non proident sunt in culpa qui officia deserunt mollit anim id est laborum. Lorem ipsum dolor sit amet consectetur adipiscing elit sed do eiusmod tempor incididunt ut labore et dolore magna aliqua ut enim ad minim veniam quis nostrud exercitation ullamco laboris nisi ut aliquip ex ea commodo consequat duis aute irure dolor in reprehenderit in voluptate velit esse cillum dolore eu

OF ALL YOUR STOCK
It's that trusty, willing worker—your HORSE—that deserves the best attention.
Do You Look After Your Horses?
You will be neglecting to do so if you do not clip them this winter.
YOU CAN DO THE JOB YOURSELF
With the Famous Brown & Sons'
"SWIFT" HORSE CLIPPING MACHINES.
WE ARE AGENTS and can supply you with the latest model, with fly wheel—PRICE £3
Call and Inspect !
FARMERS' CO-OP.
HARDWARE & MACHINERY DEPARTMENTS,
UNION ST., HAWERA.
Winter Show of Winter Boots
for Men at H.B., Hawera.
80 PAIR
MEN'S FARM NAILED SHOOTERS
22/6 29/6
80 PAIR
MEN'S BOX CALF BOOTS; good wearers—
24/6 35/-
MEN'S FARM BUCKLE LEGGINGS, 11/6 BOYS' 10/6
MEN'S and LADIES' GOLOSHES and CLOGS
NEW
ZEALAND
NEW ZEALAND
HB
CLOTHING FACTORY
CLOTHING
FACTORY
HAWERA.
Golden
Golden Bay Cement
Cement
FOR
PERMANENCY.
Procurable from
FARMERS' CO-OP. ORGANISATION SOCIETY, Hawera, Eltham, Waverley, Kaponga, Manaia.
BLAIR & SELLAR, Hawera.
THE WEATHER.

Lorem ipsum dolor sit amet consectetur adipiscing elit sed do eiusmod tempor incididunt ut labore et dolore magna aliqua ut enim ad minim veniam quis nostrud exercitation ullamco laboris nisi ut aliquip ex ea commodo consequat duis aute irure dolor in reprehenderit in voluptate velit esse cillum dolore eu fugiat nulla pariatur excepte

LATE ADVERTISEMENTS.

Lorem ipsum dolor sit amet consectetur adipiscing elit sed do eiusmod tempor incididunt ut labore et dolore magna aliqua ut enim ad minim veniam quis nostrud exercitation ullamco laboris nisi ut aliquip ex ea commodo consequat duis aute irure dolor in

HAWERA OPERATIC SOCIETY.

Lorem ipsum dolor sit amet consectetur adipiscing elit sed do eiusmod tempor incididunt ut labore et dolore magna aliqua ut enim ad minim veniam quis nostrud exercitation ullamco laboris nisi ut aliquip ex ea commodo consequat duis aute irure dolor in reprehenderit in voluptate velit esse cillum dolore eu fugiat nulla pariatur excepteur sint occaecat cupidatat non proident sunt in culpa qui officia deserunt mollit anim id est laborum. Lorem ipsum dolor sit amet consectetur adipiscing elit sed do eiu

Lorem ipsum dolor sit amet consectetur adipiscing elit sed do eiusmod tempor incididunt ut labore et dolore magna aliqua ut enim ad minim veniam quis nostrud exercitation ullamco laboris nisi ut aliquip ex ea commodo consequat duis aute irure dolor in reprehenderit in voluptate velit esse cillum dolore eu fugiat nulla pariatur excepteur sint occaecat cupidatat non proident sunt in culpa qui officia deserunt mollit anim id est laborum. Lorem ipsum dolor sit amet consectetur adipiscing elit sed do eiusmod tempor incididunt ut labore et dolore magna aliqua ut enim ad minim veniam quis nostrud exercitation ullamco laboris nisi ut aliquip ex ea commodo consequat duis aute irure dolor in reprehenderit in voluptate velit esse cillum dolore eu fugiat nulla pariatur excepteur sint occaecat cupidatat non proident sunt in culpa qui officia

IDEAL FOR CONVALESCENCE.

Lorem ipsum dolor sit amet consectetur adipiscing elit sed do eiusmod tempor incididunt ut labore et dolore magna aliqua ut enim ad minim veniam quis nostrud exercitation ullamco laboris nisi ut aliquip ex ea commodo consequat duis aute irure dolor in reprehenderit in voluptate velit esse cillum dolore eu fugiat nulla pariatur excepteur sint occaecat cupidatat non proident sunt in culpa qui officia deserunt mollit an
